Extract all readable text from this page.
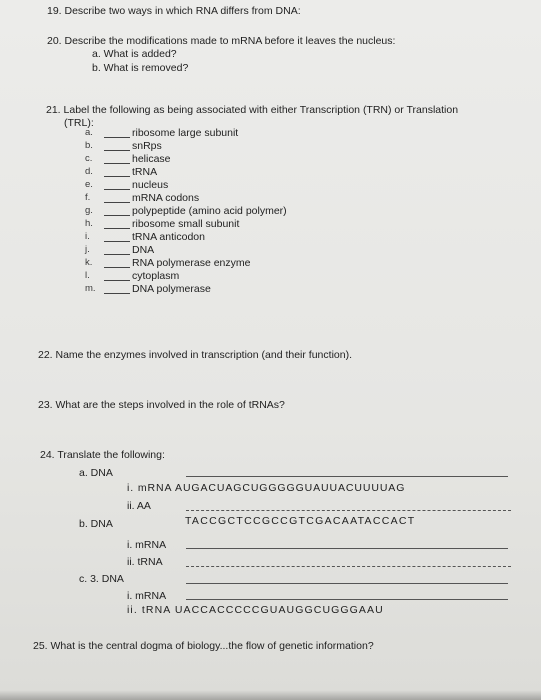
19. Describe two ways in which RNA differs from DNA:
20. Describe the modifications made to mRNA before it leaves the nucleus:
a. What is added?
b. What is removed?
21. Label the following as being associated with either Transcription (TRN) or Translation
(TRL):
a.	ribosome large subunit
b.	snRps
c.	helicase
d.	tRNA
e.	nucleus
f.	mRNA codons
g.	polypeptide (amino acid polymer)
h.	ribosome small subunit
i.	tRNA anticodon
j.	DNA
k.	RNA polymerase enzyme
l.	cytoplasm
m.	DNA polymerase
22. Name the enzymes involved in transcription (and their function).
23. What are the steps involved in the role of tRNAs?
24. Translate the following:
a. DNA
i. mRNA AUGACUAGCUGGGGGUAUUACUUUUAG
ii. AA
b. DNA	TACCGCTCCGCCGTCGACAATACCACT
i. mRNA
ii. tRNA
c. 3. DNA
i. mRNA
ii. tRNA UACCACCCCCGUAUGGCUGGGAAU
25. What is the central dogma of biology...the flow of genetic information?
